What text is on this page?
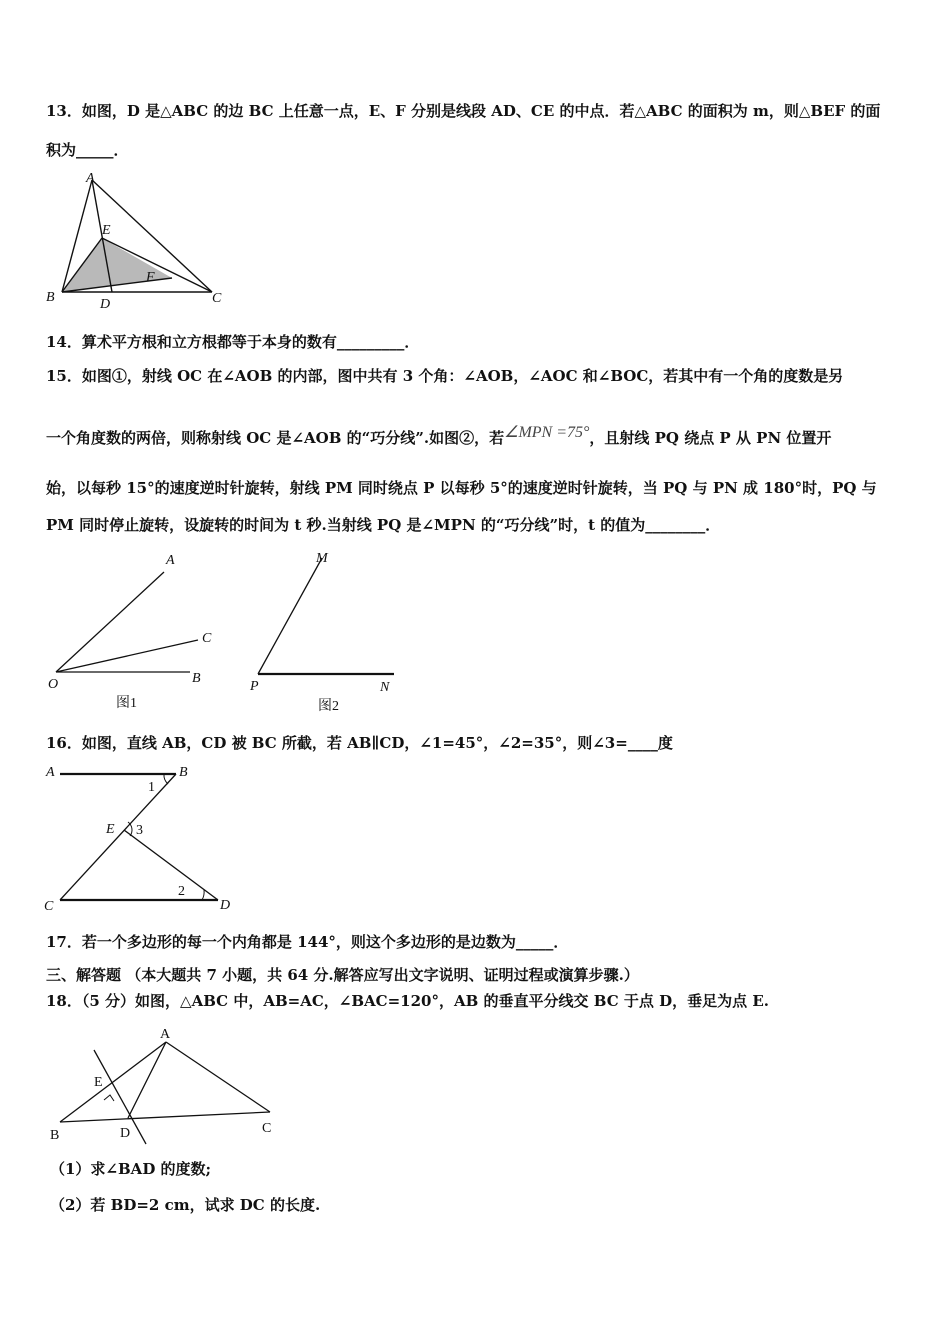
13．如图，D 是△ABC 的边 BC 上任意一点，E、F 分别是线段 AD、CE 的中点．若△ABC 的面积为 m，则△BEF 的面
积为_____．
A
E
F
B	D	C
14．算术平方根和立方根都等于本身的数有_________．
15．如图①，射线 OC 在∠AOB 的内部，图中共有 3 个角：∠AOB，∠AOC 和∠BOC，若其中有一个角的度数是另
一个角度数的两倍，则称射线 OC 是∠AOB 的“巧分线”.如图②，若∠MPN =75°，且射线 PQ 绕点 P 从 PN 位置开
始，以每秒 15°的速度逆时针旋转，射线 PM 同时绕点 P 以每秒 5°的速度逆时针旋转，当 PQ 与 PN 成 180°时，PQ 与
PM 同时停止旋转，设旋转的时间为 t 秒.当射线 PQ 是∠MPN 的“巧分线”时，t 的值为________．
A
C
O	B
图1
M
P	N
图2
16．如图，直线 AB，CD 被 BC 所截，若 AB∥CD，∠1=45°，∠2=35°，则∠3=____度
A	B
1
E 3
2
C	D
17．若一个多边形的每一个内角都是 144°，则这个多边形的是边数为_____．
三、解答题 （本大题共 7 小题，共 64 分.解答应写出文字说明、证明过程或演算步骤.）
18．（5 分）如图，△ABC 中，AB=AC，∠BAC=120°，AB 的垂直平分线交 BC 于点 D，垂足为点 E.
A
E
B	D	C
（1）求∠BAD 的度数;
（2）若 BD=2 cm，试求 DC 的长度.
